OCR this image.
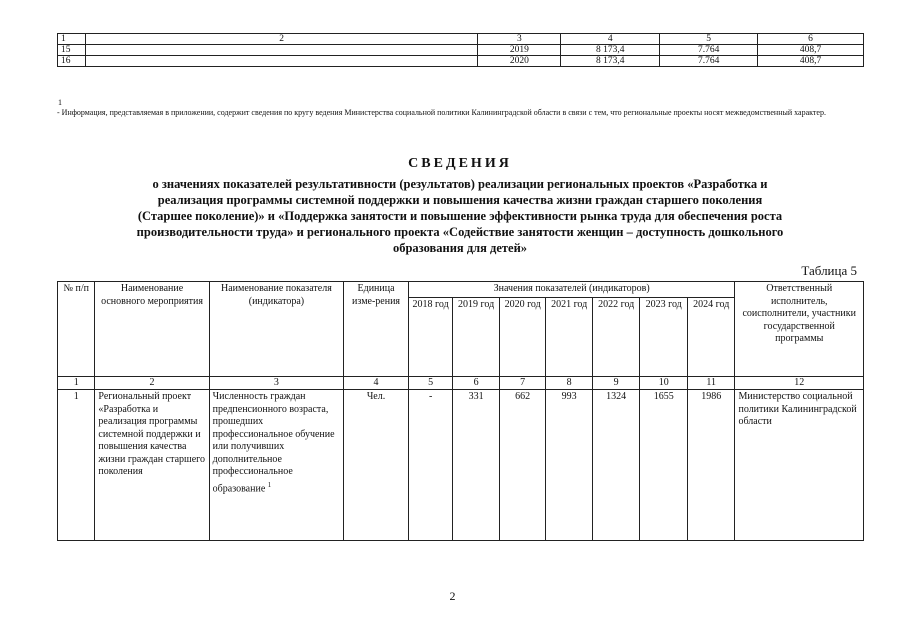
1	2	3	4	5	6
15		2019	8 173,4	7.764	408,7
16		2020	8 173,4	7.764	408,7
1
- Информация, представляемая в приложении, содержит сведения по кругу ведения Министерства социальной политики Калининградской области в связи с тем, что региональные проекты носят межведомственный характер.
СВЕДЕНИЯ
о значениях показателей результативности (результатов) реализации региональных проектов «Разработка и
реализация программы системной поддержки и повышения качества жизни граждан старшего поколения
(Старшее поколение)» и «Поддержка занятости и повышение эффективности рынка труда для обеспечения роста
производительности труда» и регионального проекта «Содействие занятости женщин – доступность дошкольного
образования для детей»
Таблица 5
№ п/п	Наименование основного мероприятия	Наименование показателя (индикатора)	Единица изме-рения	Значения показателей (индикаторов)							Ответственный исполнитель, соисполнители, участники государственной программы
				2018 год	2019 год	2020 год	2021 год	2022 год	2023 год	2024 год	
1	2	3	4	5	6	7	8	9	10	11	12
1	Региональный проект «Разработка и реализация программы системной поддержки и повышения качества жизни граждан старшего поколения	Численность граждан предпенсионного возраста, прошедших профессиональное обучение или получивших дополнительное профессиональное образование $^1$	Чел.	-	331	662	993	1324	1655	1986	Министерство социальной политики Калининградской области
2
